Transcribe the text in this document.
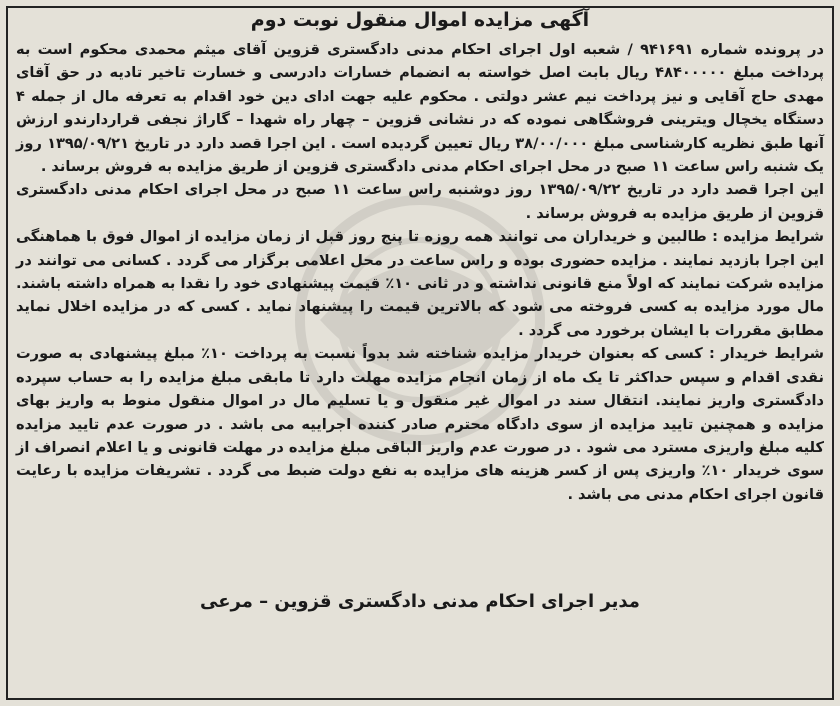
آگهی مزایده اموال منقول نوبت دوم

در پرونده شماره ۹۴۱۶۹۱ / شعبه اول اجرای احکام مدنی دادگستری قزوین آقای میثم محمدی محکوم است به پرداخت مبلغ ۴۸۴۰۰۰۰۰ ریال بابت اصل خواسته به انضمام خسارات دادرسی و خسارت تاخیر تادیه در حق آقای مهدی حاج آقایی و نیز پرداخت نیم عشر دولتی . محکوم علیه جهت ادای دین خود اقدام به تعرفه مال از جمله ۴ دستگاه یخچال ویترینی فروشگاهی نموده که در نشانی قزوین – چهار راه شهدا – گاراژ نجفی قراردارندو ارزش آنها طبق نظریه کارشناسی مبلغ ۳۸/۰۰/۰۰۰ ریال تعیین گردیده است . این اجرا قصد دارد در تاریخ ۱۳۹۵/۰۹/۲۱ روز یک شنبه راس ساعت ۱۱ صبح در محل اجرای احکام مدنی دادگستری قزوین از طریق مزایده به فروش برساند .

این اجرا قصد دارد در تاریخ ۱۳۹۵/۰۹/۲۲ روز دوشنبه راس ساعت ۱۱ صبح در محل اجرای احکام مدنی دادگستری قزوین از طریق مزایده به فروش برساند .

شرایط مزایده : طالبین و خریداران می توانند همه روزه تا پنج روز قبل از زمان مزایده از اموال فوق با هماهنگی این اجرا بازدید نمایند . مزایده حضوری بوده و راس ساعت در محل اعلامی برگزار می گردد . کسانی می توانند در مزایده شرکت نمایند که اولاً منع قانونی نداشته و در ثانی ۱۰٪ قیمت پیشنهادی خود را نقدا به همراه داشته باشند. مال مورد مزایده به کسی فروخته می شود که بالاترین قیمت را پیشنهاد نماید . کسی که در مزایده اخلال نماید مطابق مقررات با ایشان برخورد می گردد .

شرایط خریدار : کسی که بعنوان خریدار مزایده شناخته شد بدواً نسبت به پرداخت ۱۰٪ مبلغ پیشنهادی به صورت نقدی اقدام و سپس حداکثر تا یک ماه از زمان انجام مزایده مهلت دارد تا مابقی مبلغ مزایده را به حساب سپرده دادگستری واریز نمایند. انتقال سند در اموال غیر منقول و یا تسلیم مال در اموال منقول منوط به واریز بهای مزایده و همچنین تایید مزایده از سوی دادگاه محترم صادر کننده اجراییه می باشد . در صورت عدم تایید مزایده کلیه مبلغ واریزی مسترد می شود . در صورت عدم واریز الباقی مبلغ مزایده در مهلت قانونی و یا اعلام انصراف از سوی خریدار ۱۰٪ واریزی پس از کسر هزینه های مزایده به نفع دولت ضبط می گردد . تشریفات مزایده با رعایت قانون اجرای احکام مدنی می باشد .

مدیر اجرای احکام مدنی دادگستری قزوین – مرعی
